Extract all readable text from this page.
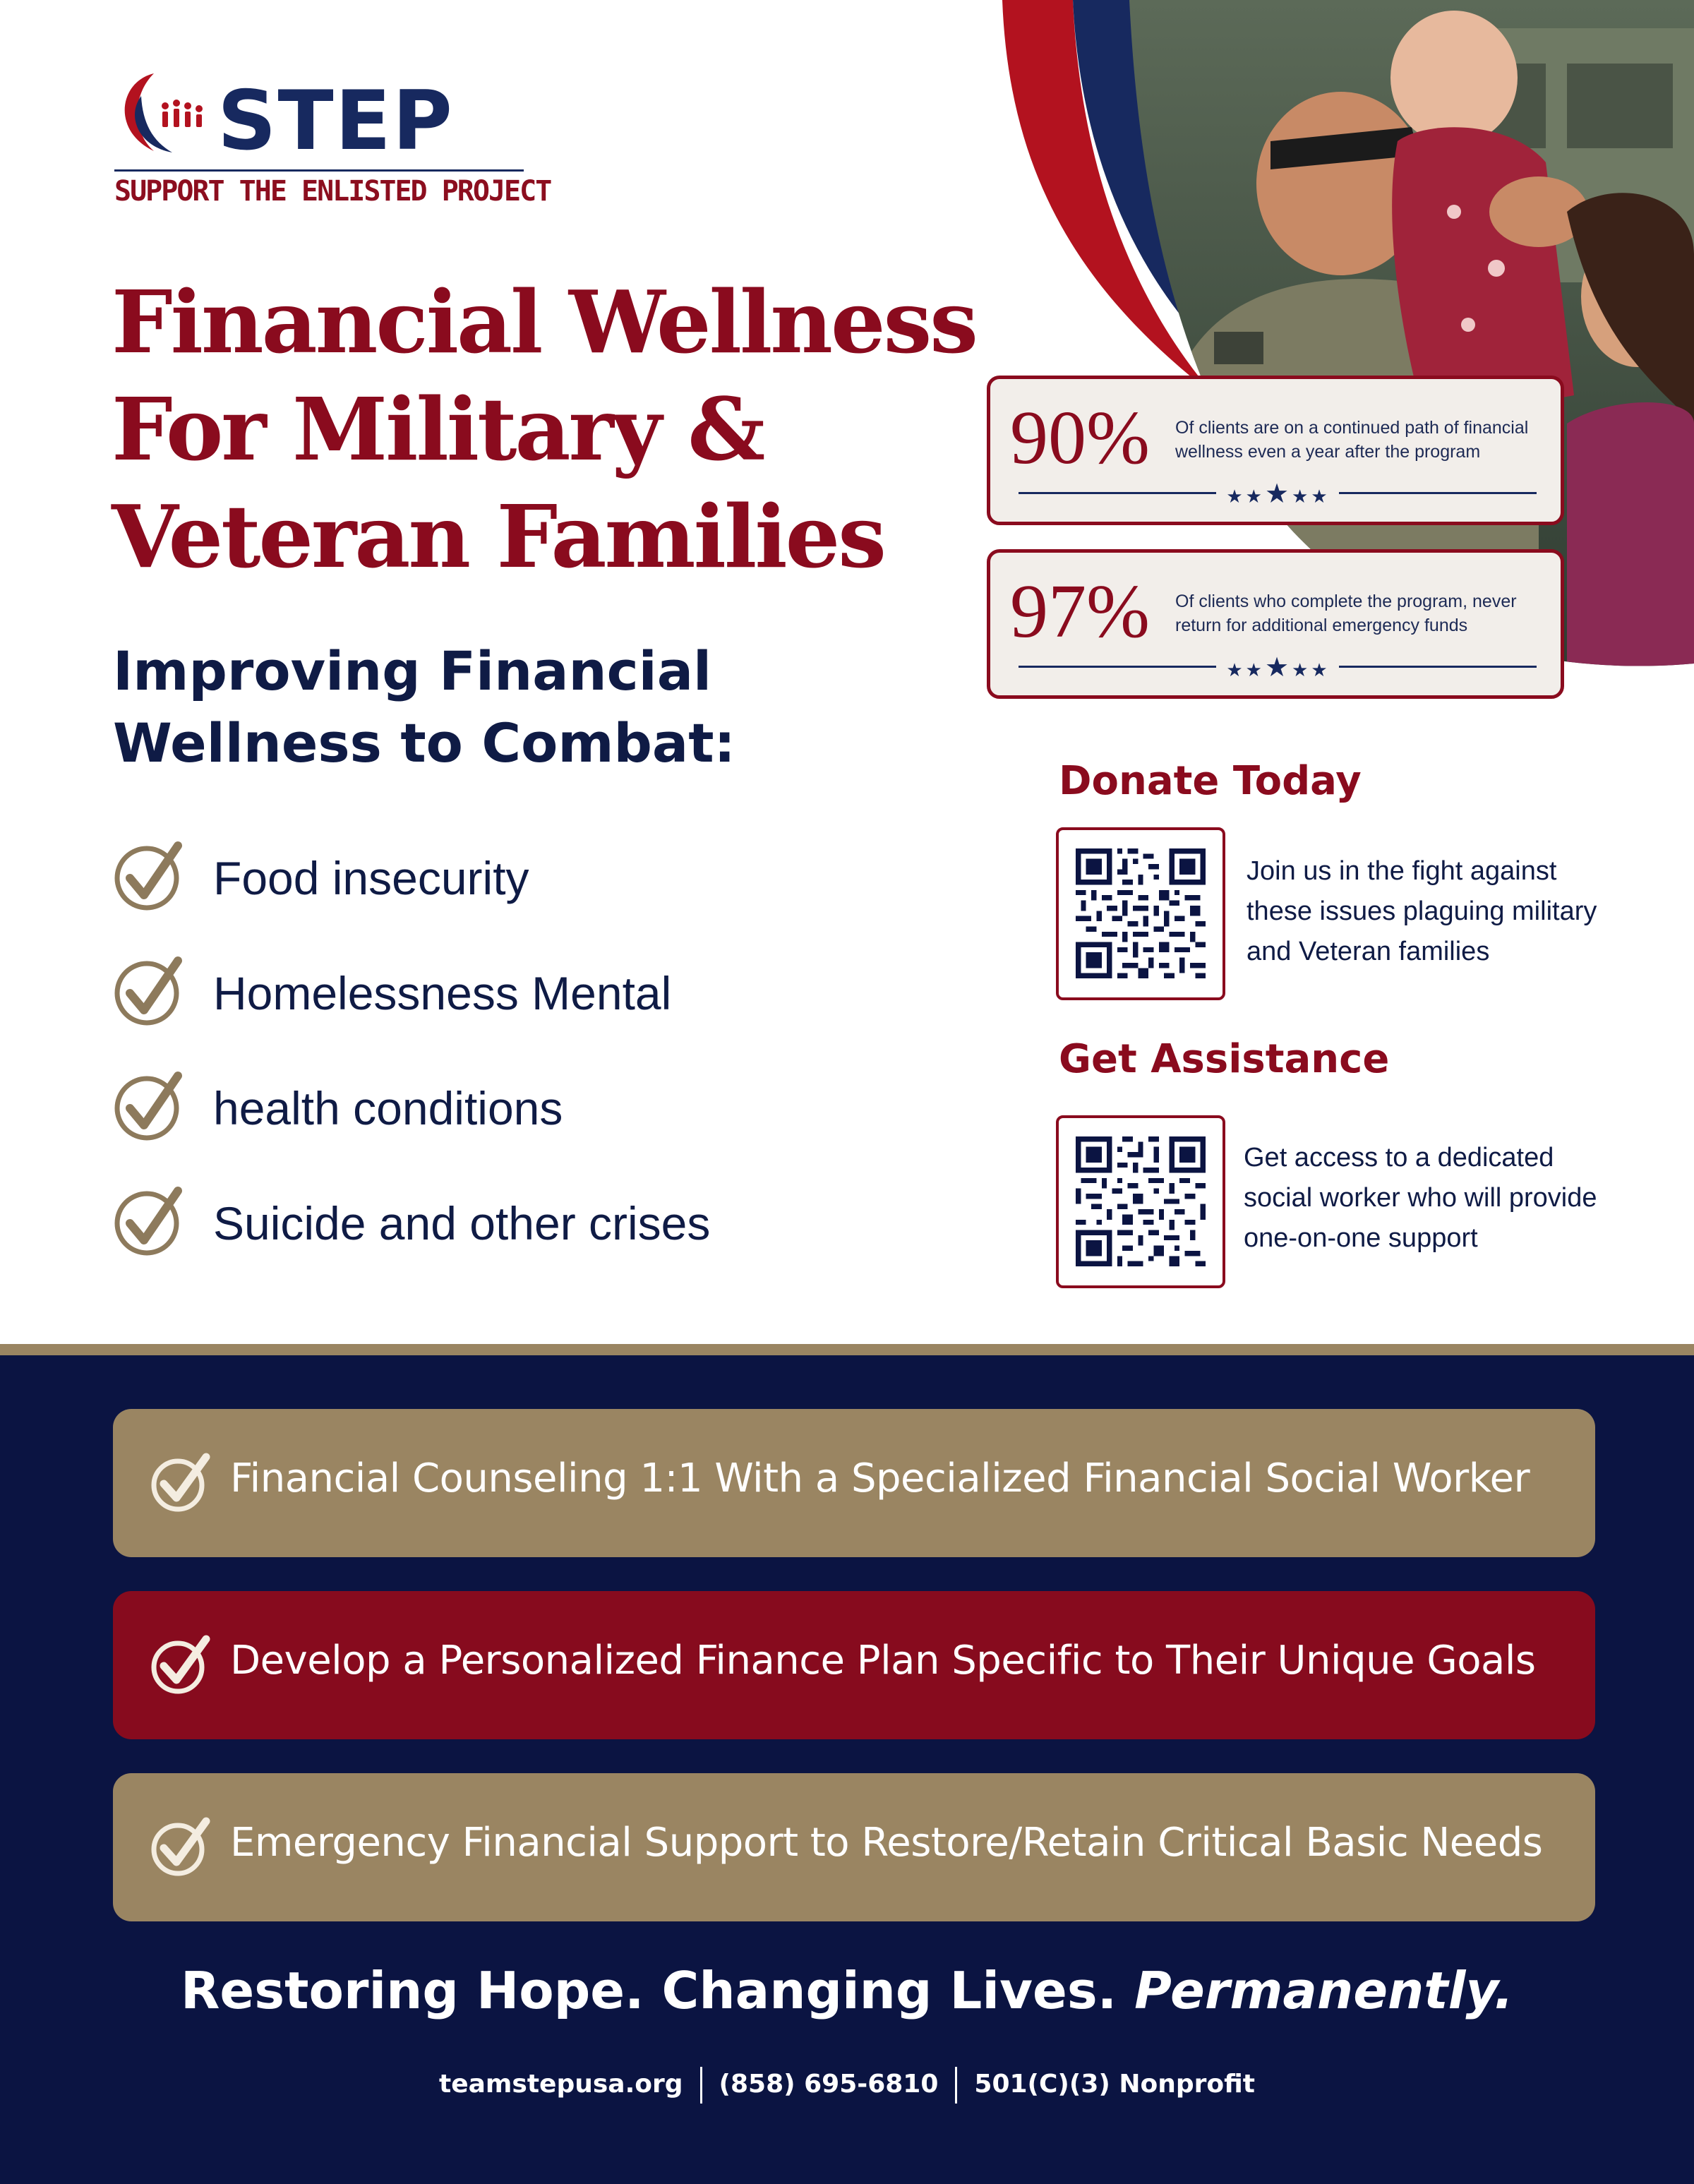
STEP
SUPPORT THE ENLISTED PROJECT
Financial Wellness
For Military &
Veteran Families
Improving Financial
Wellness to Combat:
Food insecurity
Homelessness Mental
health conditions
Suicide and other crises
90% Of clients are on a continued path of financial wellness even a year after the program
★★★★★
97% Of clients who complete the program, never return for additional emergency funds
★★★★★
Donate Today
Join us in the fight against these issues plaguing military and Veteran families
Get Assistance
Get access to a dedicated social worker who will provide one-on-one support
Financial Counseling 1:1 With a Specialized Financial Social Worker
Develop a Personalized Finance Plan Specific to Their Unique Goals
Emergency Financial Support to Restore/Retain Critical Basic Needs
Restoring Hope. Changing Lives. Permanently.
teamstepusa.org (858) 695-6810 501(C)(3) Nonprofit
